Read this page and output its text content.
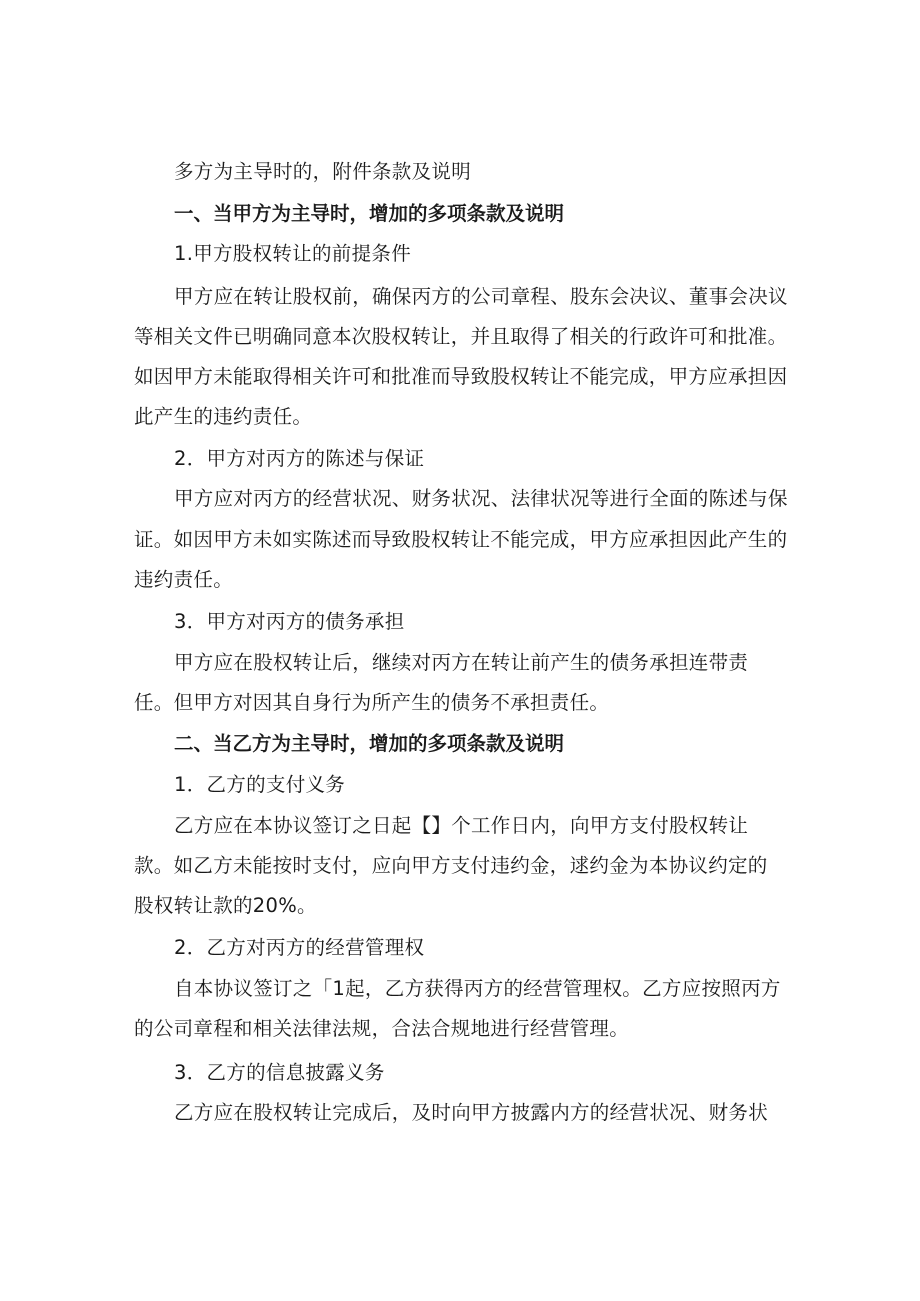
多方为主导时的，附件条款及说明
一、当甲方为主导时，增加的多项条款及说明
1.甲方股权转让的前提条件
甲方应在转让股权前，确保丙方的公司章程、股东会决议、董事会决议
等相关文件已明确同意本次股权转让，并且取得了相关的行政许可和批准。
如因甲方未能取得相关许可和批准而导致股权转让不能完成，甲方应承担因
此产生的违约责任。
2．甲方对丙方的陈述与保证
甲方应对丙方的经营状况、财务状况、法律状况等进行全面的陈述与保
证。如因甲方未如实陈述而导致股权转让不能完成，甲方应承担因此产生的
违约责任。
3．甲方对丙方的债务承担
甲方应在股权转让后，继续对丙方在转让前产生的债务承担连带责
任。但甲方对因其自身行为所产生的债务不承担责任。
二、当乙方为主导时，增加的多项条款及说明
1．乙方的支付义务
乙方应在本协议签订之日起【】个工作日内，向甲方支付股权转让
款。如乙方未能按时支付，应向甲方支付违约金，逑约金为本协议约定的
股权转让款的20%。
2．乙方对丙方的经营管理权
自本协议签订之「1起，乙方获得丙方的经营管理权。乙方应按照丙方
的公司章程和相关法律法规，合法合规地进行经营管理。
3．乙方的信息披露义务
乙方应在股权转让完成后，及时向甲方披露内方的经营状况、财务状
